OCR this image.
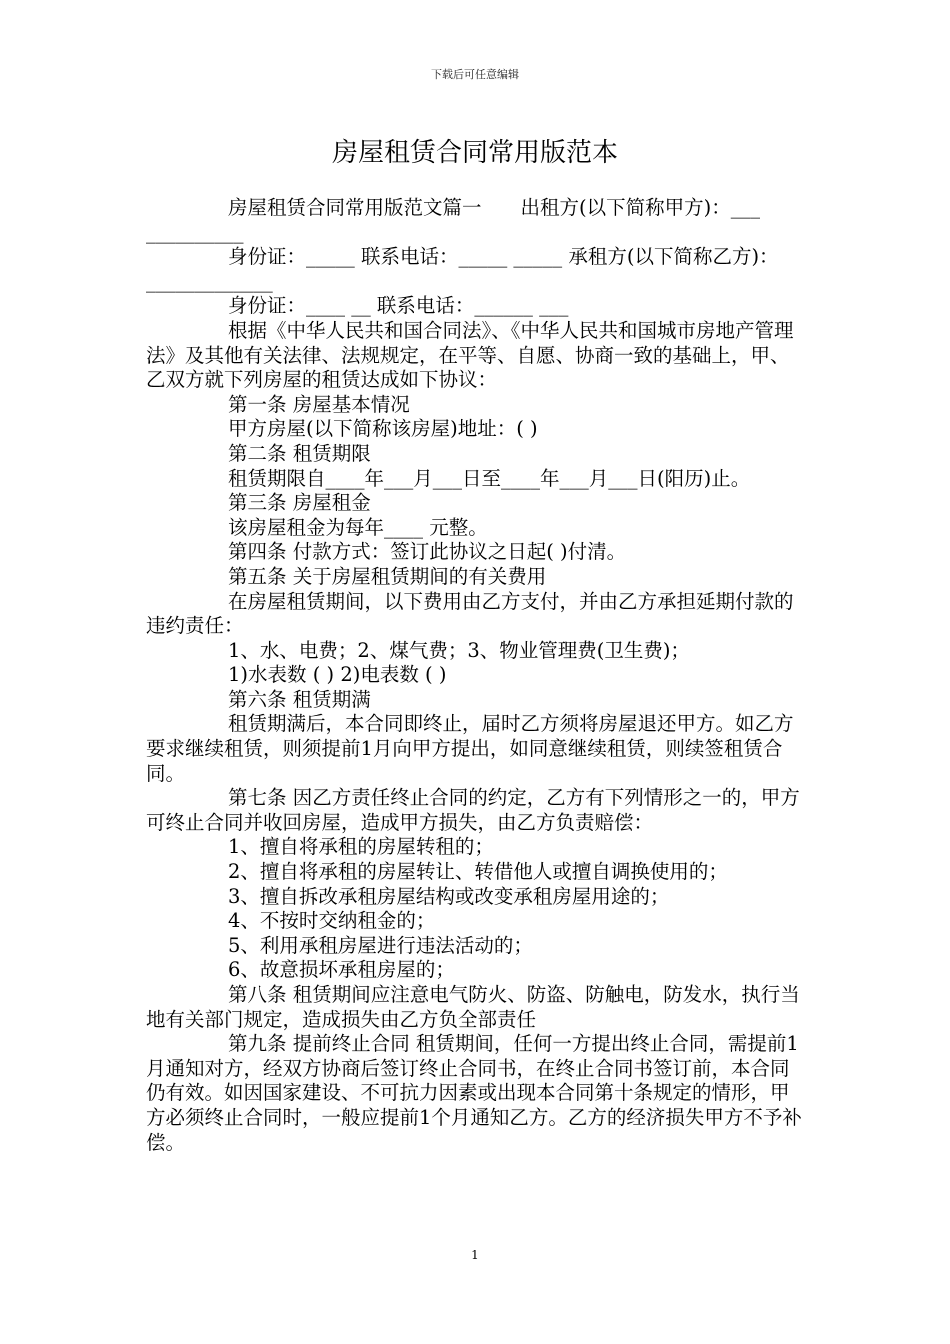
下载后可任意编辑
房屋租赁合同常用版范本

房屋租赁合同常用版范文篇一　　出租方(以下简称甲方)：___ __________

身份证：_____ 联系电话：_____ _____ 承租方(以下简称乙方)：_____________

身份证：____ __ 联系电话：______ ___

根据《中华人民共和国合同法》、《中华人民共和国城市房地产管理法》及其他有关法律、法规规定，在平等、自愿、协商一致的基础上，甲、乙双方就下列房屋的租赁达成如下协议：

第一条 房屋基本情况

甲方房屋(以下简称该房屋)地址：( )

第二条 租赁期限

租赁期限自____年___月___日至____年___月___日(阳历)止。

第三条 房屋租金

该房屋租金为每年____ 元整。

第四条 付款方式：签订此协议之日起( )付清。

第五条 关于房屋租赁期间的有关费用

在房屋租赁期间，以下费用由乙方支付，并由乙方承担延期付款的违约责任：

1、水、电费；2、煤气费；3、物业管理费(卫生费)；

1)水表数 ( ) 2)电表数 ( )

第六条 租赁期满

租赁期满后，本合同即终止，届时乙方须将房屋退还甲方。如乙方要求继续租赁，则须提前1月向甲方提出，如同意继续租赁，则续签租赁合同。

第七条 因乙方责任终止合同的约定，乙方有下列情形之一的，甲方可终止合同并收回房屋，造成甲方损失，由乙方负责赔偿：

1、擅自将承租的房屋转租的；

2、擅自将承租的房屋转让、转借他人或擅自调换使用的；

3、擅自拆改承租房屋结构或改变承租房屋用途的；

4、不按时交纳租金的；

5、利用承租房屋进行违法活动的；

6、故意损坏承租房屋的；

第八条 租赁期间应注意电气防火、防盗、防触电，防发水，执行当地有关部门规定，造成损失由乙方负全部责任

第九条 提前终止合同 租赁期间，任何一方提出终止合同，需提前1月通知对方，经双方协商后签订终止合同书，在终止合同书签订前，本合同仍有效。如因国家建设、不可抗力因素或出现本合同第十条规定的情形，甲方必须终止合同时，一般应提前1个月通知乙方。乙方的经济损失甲方不予补偿。

1
